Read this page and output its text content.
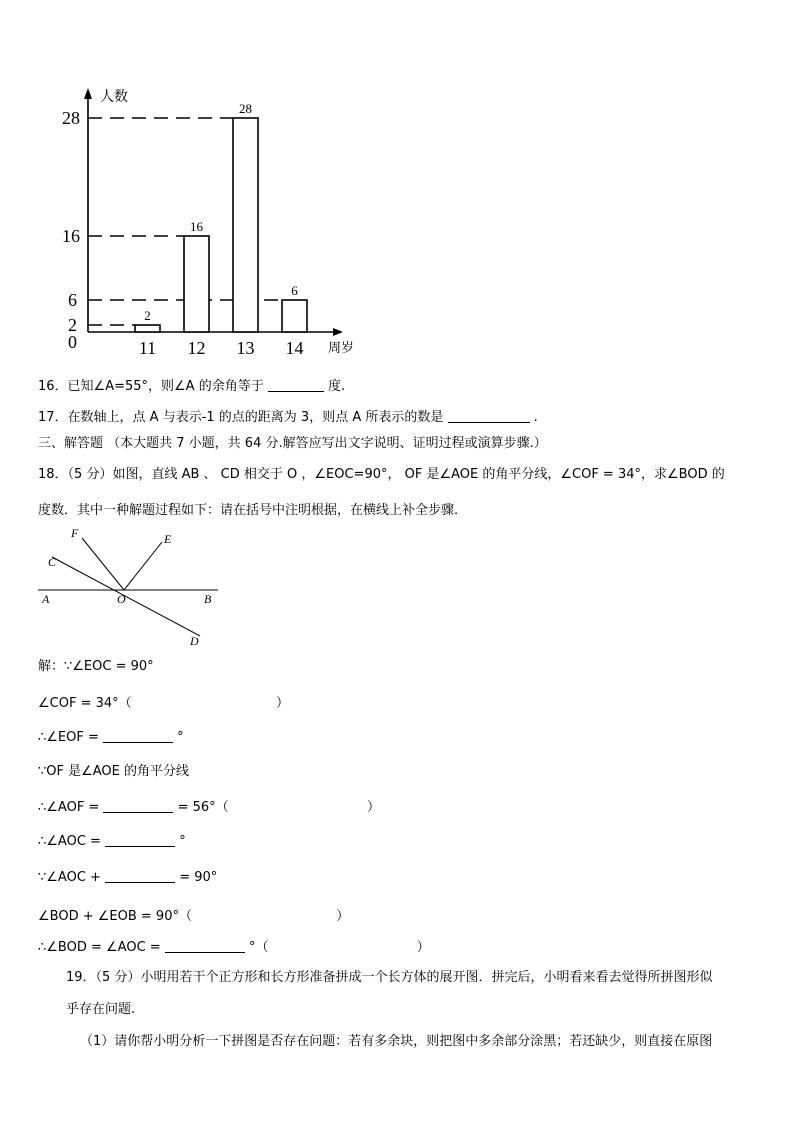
人数
周岁
0
2
6
16
28
2
11
16
12
28
13
6
14
16．已知∠A=55°，则∠A 的余角等于	度.
17．在数轴上，点 A 与表示-1 的点的距离为 3，则点 A 所表示的数是	.
三、解答题 （本大题共 7 小题，共 64 分.解答应写出文字说明、证明过程或演算步骤.）
18．（5 分）如图，直线 AB 、 CD 相交于 O ，∠EOC=90°， OF 是∠AOE 的角平分线，∠COF = 34°，求∠BOD 的
度数．其中一种解题过程如下：请在括号中注明根据，在横线上补全步骤.
F	E
C
A	O	B
D
解：∵∠EOC = 90°
∠COF = 34°（	）
∴∠EOF =	°
∵OF 是∠AOE 的角平分线
∴∠AOF =	= 56°（	）
∴∠AOC =	°
∵∠AOC +	= 90°
∠BOD + ∠EOB = 90°（	）
∴∠BOD = ∠AOC =	°（	）
19．（5 分）小明用若干个正方形和长方形准备拼成一个长方体的展开图．拼完后，小明看来看去觉得所拼图形似
乎存在问题.
（1）请你帮小明分析一下拼图是否存在问题：若有多余块，则把图中多余部分涂黑；若还缺少，则直接在原图
